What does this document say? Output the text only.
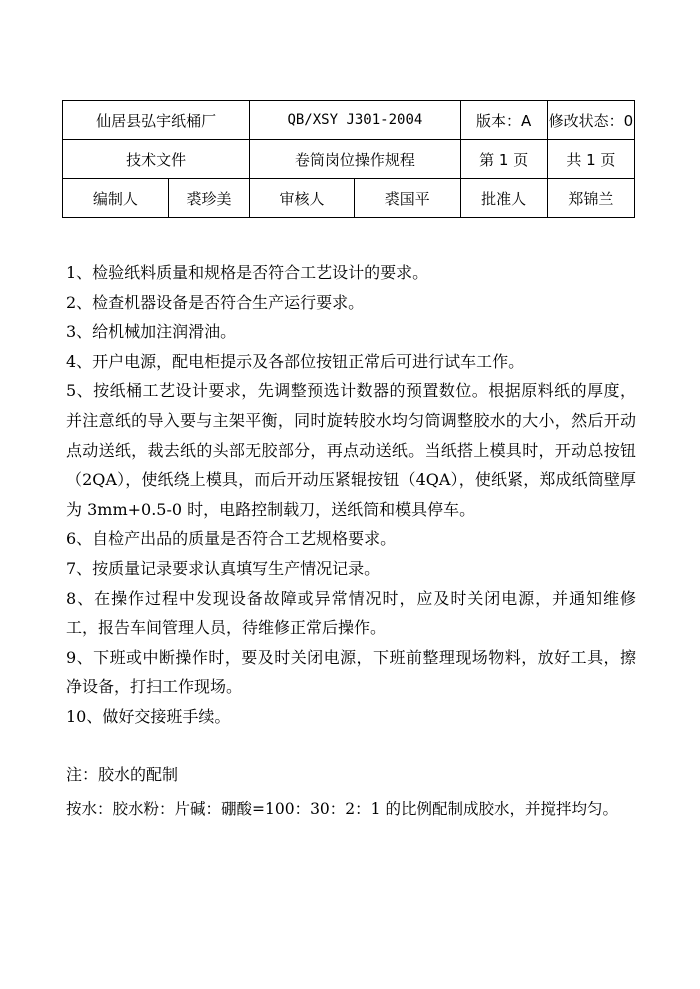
仙居县弘宇纸桶厂		QB/XSY J301-2004		版本：A	修改状态：0
技术文件		卷筒岗位操作规程		第 1 页	共 1 页
编制人	裘珍美	审核人	裘国平	批准人	郑锦兰

1、检验纸料质量和规格是否符合工艺设计的要求。

2、检查机器设备是否符合生产运行要求。

3、给机械加注润滑油。

4、开户电源，配电柜提示及各部位按钮正常后可进行试车工作。

5、按纸桶工艺设计要求，先调整预选计数器的预置数位。根据原料纸的厚度，并注意纸的导入要与主架平衡，同时旋转胶水均匀筒调整胶水的大小，然后开动点动送纸，裁去纸的头部无胶部分，再点动送纸。当纸搭上模具时，开动总按钮（2QA），使纸绕上模具，而后开动压紧辊按钮（4QA），使纸紧，郑成纸筒壁厚为 3mm+0.5-0 时，电路控制载刀，送纸筒和模具停车。

6、自检产出品的质量是否符合工艺规格要求。

7、按质量记录要求认真填写生产情况记录。

8、在操作过程中发现设备故障或异常情况时，应及时关闭电源，并通知维修工，报告车间管理人员，待维修正常后操作。

9、下班或中断操作时，要及时关闭电源，下班前整理现场物料，放好工具，擦净设备，打扫工作现场。

10、做好交接班手续。

注：胶水的配制
按水：胶水粉：片碱：硼酸=100：30：2：1 的比例配制成胶水，并搅拌均匀。
